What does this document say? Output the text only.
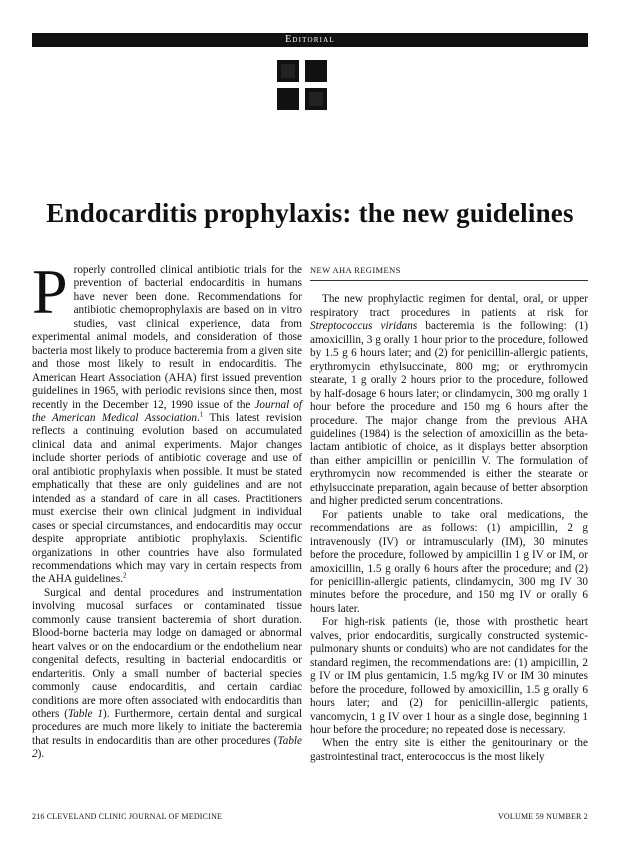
Editorial
Endocarditis prophylaxis: the new guidelines

Properly controlled clinical antibiotic trials for the prevention of bacterial endocarditis in humans have never been done. Recommendations for antibiotic chemoprophylaxis are based on in vitro studies, vast clinical experience, data from experimental animal models, and consideration of those bacteria most likely to produce bacteremia from a given site and those most likely to result in endocarditis. The American Heart Association (AHA) first issued prevention guidelines in 1965, with periodic revisions since then, most recently in the December 12, 1990 issue of the Journal of the American Medical Association.$^1$ This latest revision reflects a continuing evolution based on accumulated clinical data and animal experiments. Major changes include shorter periods of antibiotic coverage and use of oral antibiotic prophylaxis when possible. It must be stated emphatically that these are only guidelines and are not intended as a standard of care in all cases. Practitioners must exercise their own clinical judgment in individual cases or special circumstances, and endocarditis may occur despite appropriate antibiotic prophylaxis. Scientific organizations in other countries have also formulated recommendations which may vary in certain respects from the AHA guidelines.$^2$

Surgical and dental procedures and instrumentation involving mucosal surfaces or contaminated tissue commonly cause transient bacteremia of short duration. Blood-borne bacteria may lodge on damaged or abnormal heart valves or on the endocardium or the endothelium near congenital defects, resulting in bacterial endocarditis or endarteritis. Only a small number of bacterial species commonly cause endocarditis, and certain cardiac conditions are more often associated with endocarditis than others (Table 1). Furthermore, certain dental and surgical procedures are much more likely to initiate the bacteremia that results in endocarditis than are other procedures (Table 2).

NEW AHA REGIMENS

The new prophylactic regimen for dental, oral, or upper respiratory tract procedures in patients at risk for Streptococcus viridans bacteremia is the following: (1) amoxicillin, 3 g orally 1 hour prior to the procedure, followed by 1.5 g 6 hours later; and (2) for penicillin-allergic patients, erythromycin ethylsuccinate, 800 mg; or erythromycin stearate, 1 g orally 2 hours prior to the procedure, followed by half-dosage 6 hours later; or clindamycin, 300 mg orally 1 hour before the procedure and 150 mg 6 hours after the procedure. The major change from the previous AHA guidelines (1984) is the selection of amoxicillin as the beta-lactam antibiotic of choice, as it displays better absorption than either ampicillin or penicillin V. The formulation of erythromycin now recommended is either the stearate or ethylsuccinate preparation, again because of better absorption and higher predicted serum concentrations.

For patients unable to take oral medications, the recommendations are as follows: (1) ampicillin, 2 g intravenously (IV) or intramuscularly (IM), 30 minutes before the procedure, followed by ampicillin 1 g IV or IM, or amoxicillin, 1.5 g orally 6 hours after the procedure; and (2) for penicillin-allergic patients, clindamycin, 300 mg IV 30 minutes before the procedure, and 150 mg IV or orally 6 hours later.

For high-risk patients (ie, those with prosthetic heart valves, prior endocarditis, surgically constructed systemic-pulmonary shunts or conduits) who are not candidates for the standard regimen, the recommendations are: (1) ampicillin, 2 g IV or IM plus gentamicin, 1.5 mg/kg IV or IM 30 minutes before the procedure, followed by amoxicillin, 1.5 g orally 6 hours later; and (2) for penicillin-allergic patients, vancomycin, 1 g IV over 1 hour as a single dose, beginning 1 hour before the procedure; no repeated dose is necessary.

When the entry site is either the genitourinary or the gastrointestinal tract, enterococcus is the most likely

216 CLEVELAND CLINIC JOURNAL OF MEDICINE	VOLUME 59 NUMBER 2
